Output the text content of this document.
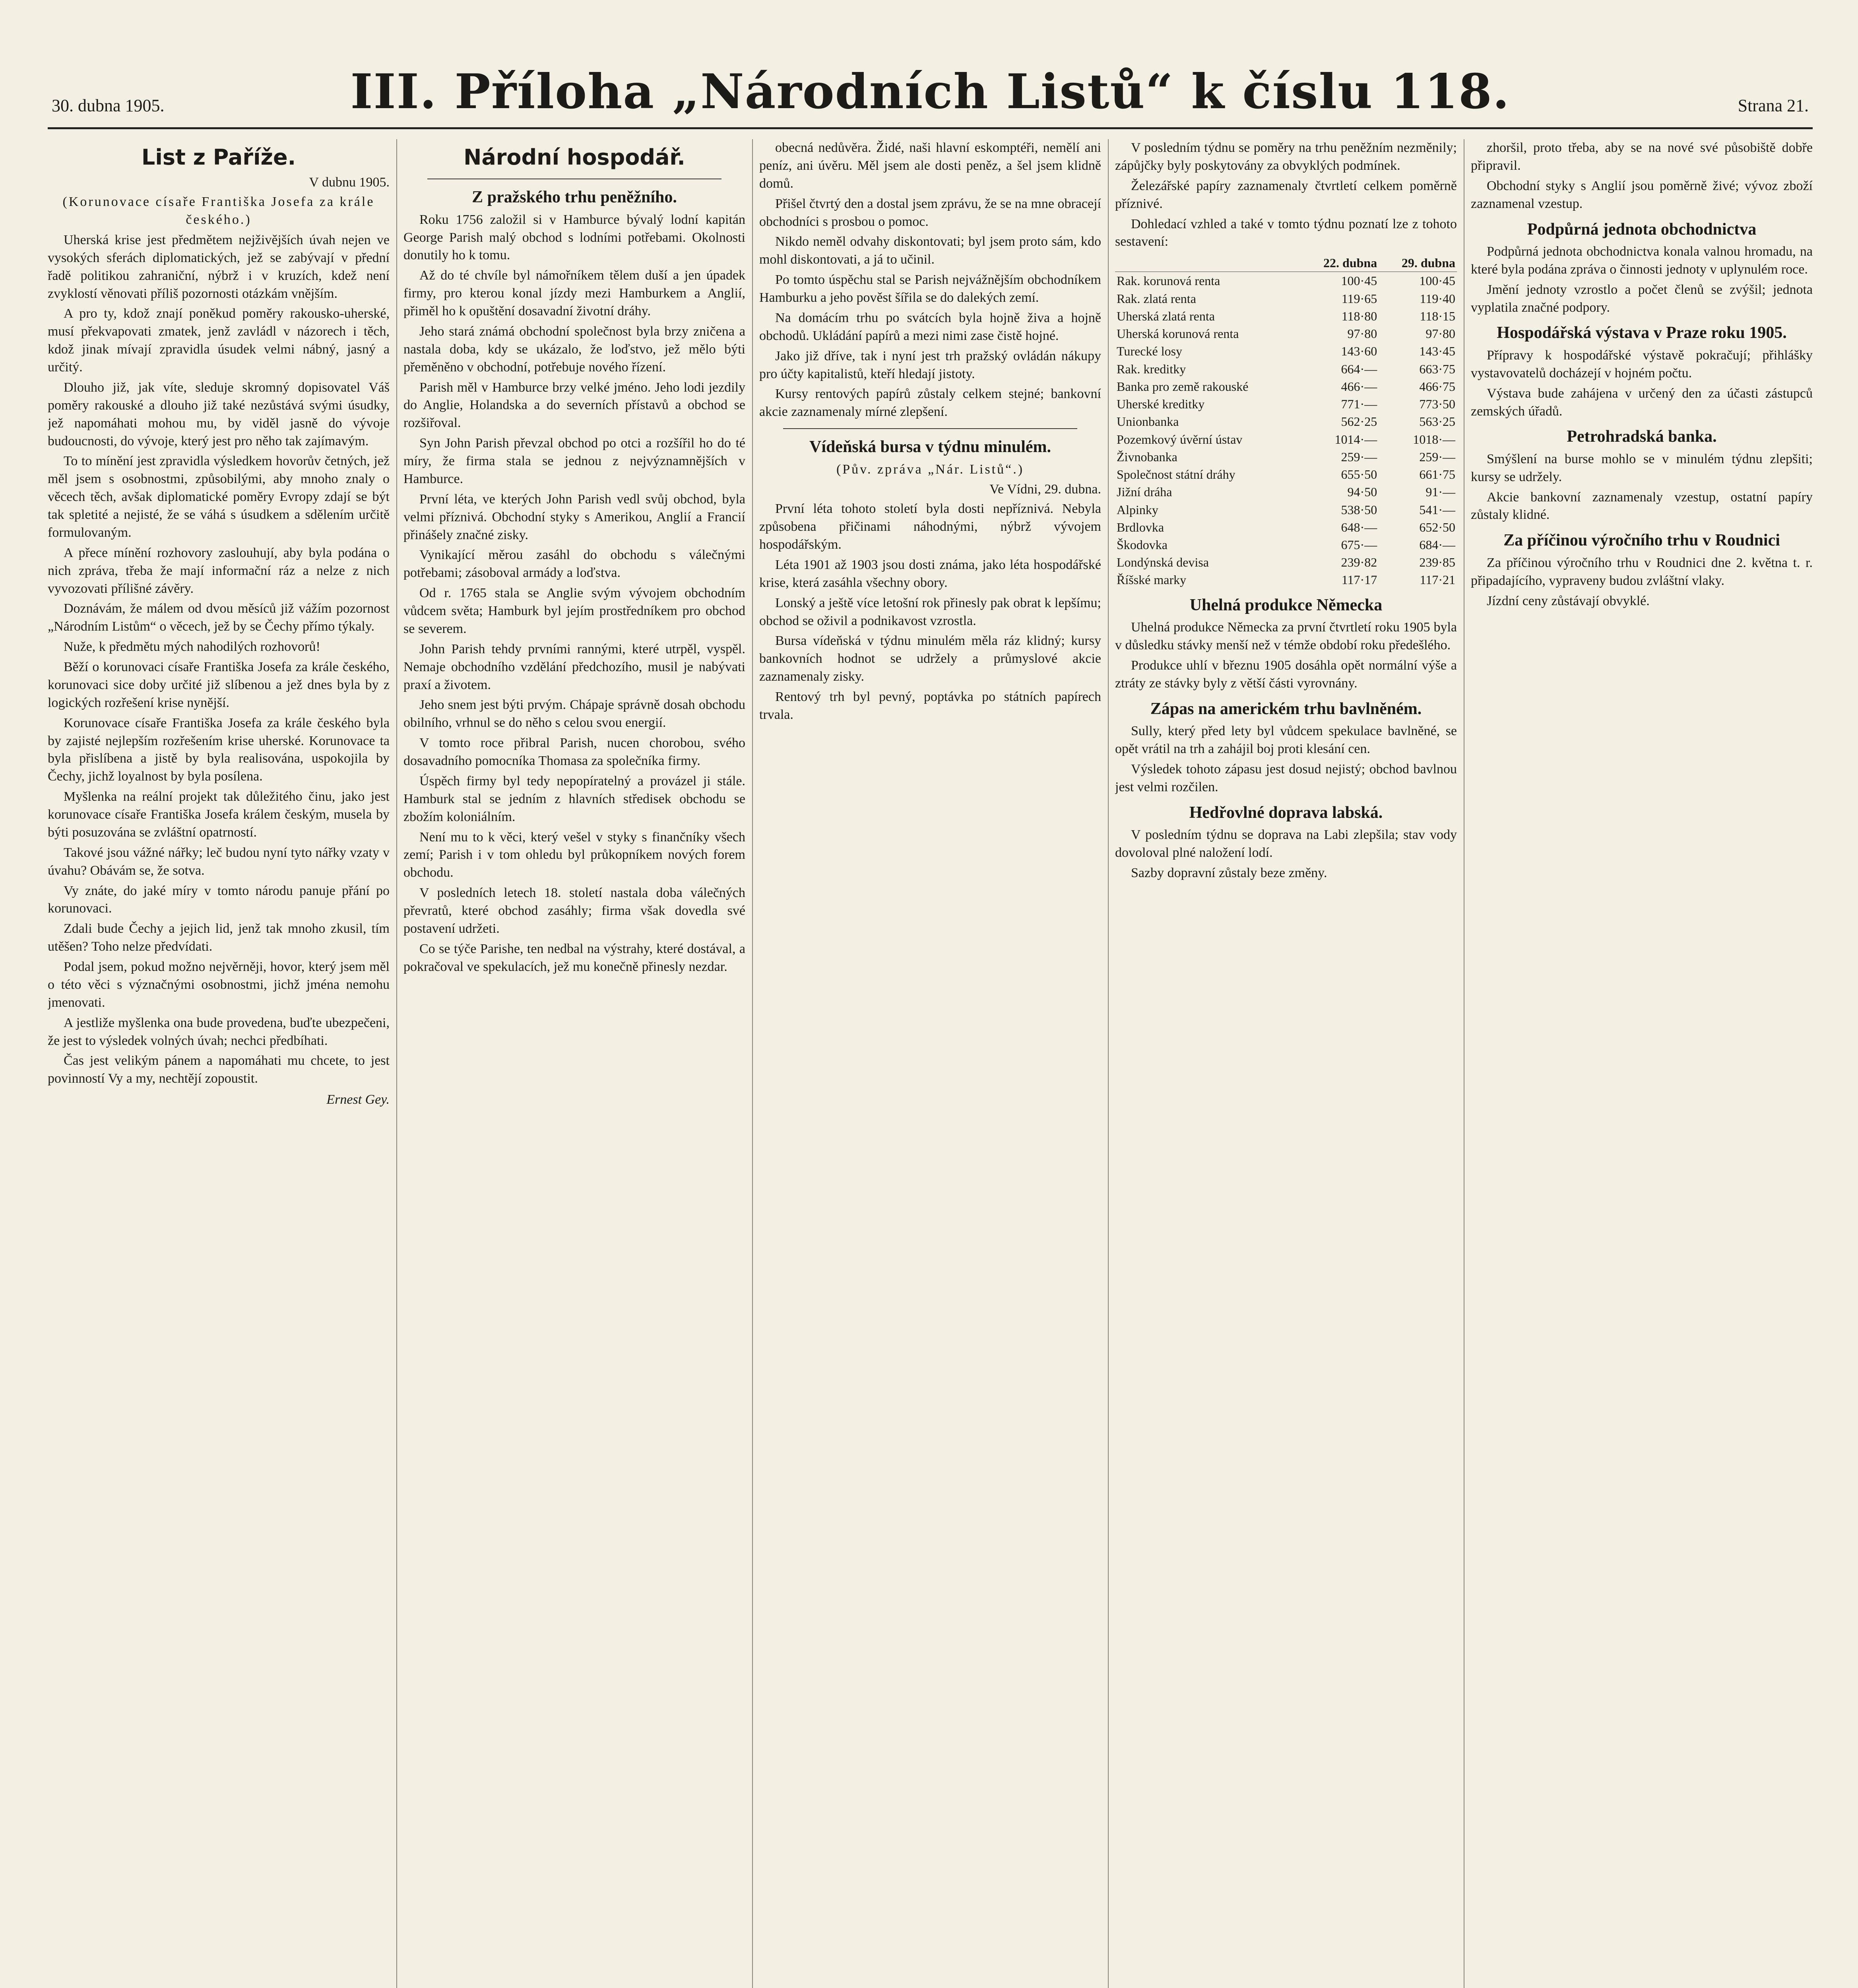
30. dubna 1905.	III. Příloha „Národních Listů“ k číslu 118.	Strana 21.
List z Paříže.
V dubnu 1905.
(Korunovace císaře Františka Josefa za krále českého.)

Uherská krise jest předmětem nejživějších úvah nejen ve vysokých sferách diplomatických, jež se zabývají v přední řadě politikou zahraniční, nýbrž i v kruzích, kdež není zvyklostí věnovati příliš pozornosti otázkám vnějším.

A pro ty, kdož znají poněkud poměry rakousko-uherské, musí překvapovati zmatek, jenž zavládl v názorech i těch, kdož jinak mívají zpravidla úsudek velmi nábný, jasný a určitý.

Dlouho již, jak víte, sleduje skromný dopisovatel Váš poměry rakouské a dlouho již také nezůstává svými úsudky, jež napomáhati mohou mu, by viděl jasně do vývoje budoucnosti, do vývoje, který jest pro něho tak zajímavým.

To to mínění jest zpravidla výsledkem hovorův četných, jež měl jsem s osobnostmi, způsobilými, aby mnoho znaly o věcech těch, avšak diplomatické poměry Evropy zdají se být tak spletité a nejisté, že se váhá s úsudkem a sdělením určitě formulovaným.

A přece mínění rozhovory zaslouhují, aby byla podána o nich zpráva, třeba že mají informační ráz a nelze z nich vyvozovati přílišné závěry.

Doznávám, že málem od dvou měsíců již vážím pozornost „Národním Listům“ o věcech, jež by se Čechy přímo týkaly.

Nuže, k předmětu mých nahodilých rozhovorů!

Běží o korunovaci císaře Františka Josefa za krále českého, korunovaci sice doby určité již slíbenou a jež dnes byla by z logických rozřešení krise nynější.

Korunovace císaře Františka Josefa za krále českého byla by zajisté nejlepším rozřešením krise uherské. Korunovace ta byla přislíbena a jistě by byla realisována, uspokojila by Čechy, jichž loyalnost by byla posílena.

Myšlenka na reální projekt tak důležitého činu, jako jest korunovace císaře Františka Josefa králem českým, musela by býti posuzována se zvláštní opatrností.

Takové jsou vážné nářky; leč budou nyní tyto nářky vzaty v úvahu? Obávám se, že sotva.

Vy znáte, do jaké míry v tomto národu panuje přání po korunovaci.

Zdali bude Čechy a jejich lid, jenž tak mnoho zkusil, tím utěšen? Toho nelze předvídati.

Podal jsem, pokud možno nejvěrněji, hovor, který jsem měl o této věci s význačnými osobnostmi, jichž jména nemohu jmenovati.

A jestliže myšlenka ona bude provedena, buďte ubezpečeni, že jest to výsledek volných úvah; nechci předbíhati.

Čas jest velikým pánem a napomáhati mu chcete, to jest povinností Vy a my, nechtějí zopoustit.

Ernest Gey.
Národní hospodář.
Z pražského trhu peněžního.

Roku 1756 založil si v Hamburce bývalý lodní kapitán George Parish malý obchod s lodními potřebami. Okolnosti donutily ho k tomu.

Až do té chvíle byl námořníkem tělem duší a jen úpadek firmy, pro kterou konal jízdy mezi Hamburkem a Anglií, přiměl ho k opuštění dosavadní životní dráhy.

Jeho stará známá obchodní společnost byla brzy zničena a nastala doba, kdy se ukázalo, že loďstvo, jež mělo býti přeměněno v obchodní, potřebuje nového řízení.

Parish měl v Hamburce brzy velké jméno. Jeho lodi jezdily do Anglie, Holandska a do severních přístavů a obchod se rozšiřoval.

Syn John Parish převzal obchod po otci a rozšířil ho do té míry, že firma stala se jednou z nejvýznamnějších v Hamburce.

První léta, ve kterých John Parish vedl svůj obchod, byla velmi příznivá. Obchodní styky s Amerikou, Anglií a Francií přinášely značné zisky.

Vynikající měrou zasáhl do obchodu s válečnými potřebami; zásoboval armády a loďstva.

Od r. 1765 stala se Anglie svým vývojem obchodním vůdcem světa; Hamburk byl jejím prostředníkem pro obchod se severem.

John Parish tehdy prvními rannými, které utrpěl, vyspěl. Nemaje obchodního vzdělání předchozího, musil je nabývati praxí a životem.

Jeho snem jest býti prvým. Chápaje správně dosah obchodu obilního, vrhnul se do něho s celou svou energií.

V tomto roce přibral Parish, nucen chorobou, svého dosavadního pomocníka Thomasa za společníka firmy.

Úspěch firmy byl tedy nepopíratelný a provázel ji stále. Hamburk stal se jedním z hlavních středisek obchodu se zbožím koloniálním.

Není mu to k věci, který vešel v styky s finančníky všech zemí; Parish i v tom ohledu byl průkopníkem nových forem obchodu.

V posledních letech 18. století nastala doba válečných převratů, které obchod zasáhly; firma však dovedla své postavení udržeti.

Co se týče Parishe, ten nedbal na výstrahy, které dostával, a pokračoval ve spekulacích, jež mu konečně přinesly nezdar.

obecná nedůvěra. Židé, naši hlavní eskomptéři, nemělí ani peníz, ani úvěru. Měl jsem ale dosti peněz, a šel jsem klidně domů.

Přišel čtvrtý den a dostal jsem zprávu, že se na mne obracejí obchodníci s prosbou o pomoc.

Nikdo neměl odvahy diskontovati; byl jsem proto sám, kdo mohl diskontovati, a já to učinil.

Po tomto úspěchu stal se Parish nejvážnějším obchodníkem Hamburku a jeho pověst šířila se do dalekých zemí.

Na domácím trhu po svátcích byla hojně živa a hojně obchodů. Ukládání papírů a mezi nimi zase čistě hojné.

Jako již dříve, tak i nyní jest trh pražský ovládán nákupy pro účty kapitalistů, kteří hledají jistoty.

Kursy rentových papírů zůstaly celkem stejné; bankovní akcie zaznamenaly mírné zlepšení.

Vídeňská bursa v týdnu minulém.
(Pův. zpráva „Nár. Listů“.)
Ve Vídni, 29. dubna.

První léta tohoto století byla dosti nepříznivá. Nebyla způsobena přičinami náhodnými, nýbrž vývojem hospodářským.

Léta 1901 až 1903 jsou dosti známa, jako léta hospodářské krise, která zasáhla všechny obory.

Lonský a ještě více letošní rok přinesly pak obrat k lepšímu; obchod se oživil a podnikavost vzrostla.

Bursa vídeňská v týdnu minulém měla ráz klidný; kursy bankovních hodnot se udržely a průmyslové akcie zaznamenaly zisky.

Rentový trh byl pevný, poptávka po státních papírech trvala.

V posledním týdnu se poměry na trhu peněžním nezměnily; zápůjčky byly poskytovány za obvyklých podmínek.

Železářské papíry zaznamenaly čtvrtletí celkem poměrně příznivé.

Dohledací vzhled a také v tomto týdnu poznatí lze z tohoto sestavení:

	22. dubna	29. dubna
Rak. korunová renta	100·45	100·45
Rak. zlatá renta	119·65	119·40
Uherská zlatá renta	118·80	118·15
Uherská korunová renta	97·80	97·80
Turecké losy	143·60	143·45
Rak. kreditky	664·—	663·75
Banka pro země rakouské	466·—	466·75
Uherské kreditky	771·—	773·50
Unionbanka	562·25	563·25
Pozemkový úvěrní ústav	1014·—	1018·—
Živnobanka	259·—	259·—
Společnost státní dráhy	655·50	661·75
Jižní dráha	94·50	91·—
Alpinky	538·50	541·—
Brdlovka	648·—	652·50
Škodovka	675·—	684·—
Londýnská devisa	239·82	239·85
Říšské marky	117·17	117·21
Uhelná produkce Německa

Uhelná produkce Německa za první čtvrtletí roku 1905 byla v důsledku stávky menší než v témže období roku předešlého.

Produkce uhlí v březnu 1905 dosáhla opět normální výše a ztráty ze stávky byly z větší části vyrovnány.

Zápas na americkém trhu bavlněném.

Sully, který před lety byl vůdcem spekulace bavlněné, se opět vrátil na trh a zahájil boj proti klesání cen.

Výsledek tohoto zápasu jest dosud nejistý; obchod bavlnou jest velmi rozčilen.

Hedřovlné doprava labská.

V posledním týdnu se doprava na Labi zlepšila; stav vody dovoloval plné naložení lodí.

Sazby dopravní zůstaly beze změny.

zhoršil, proto třeba, aby se na nové své působiště dobře připravil.

Obchodní styky s Anglií jsou poměrně živé; vývoz zboží zaznamenal vzestup.

Podpůrná jednota obchodnictva

Podpůrná jednota obchodnictva konala valnou hromadu, na které byla podána zpráva o činnosti jednoty v uplynulém roce.

Jmění jednoty vzrostlo a počet členů se zvýšil; jednota vyplatila značné podpory.

Hospodářská výstava v Praze roku 1905.

Přípravy k hospodářské výstavě pokračují; přihlášky vystavovatelů docházejí v hojném počtu.

Výstava bude zahájena v určený den za účasti zástupců zemských úřadů.

Petrohradská banka.

Smýšlení na burse mohlo se v minulém týdnu zlepšiti; kursy se udržely.

Akcie bankovní zaznamenaly vzestup, ostatní papíry zůstaly klidné.

Za příčinou výročního trhu v Roudnici

Za příčinou výročního trhu v Roudnici dne 2. května t. r. připadajícího, vypraveny budou zvláštní vlaky.

Jízdní ceny zůstávají obvyklé.
